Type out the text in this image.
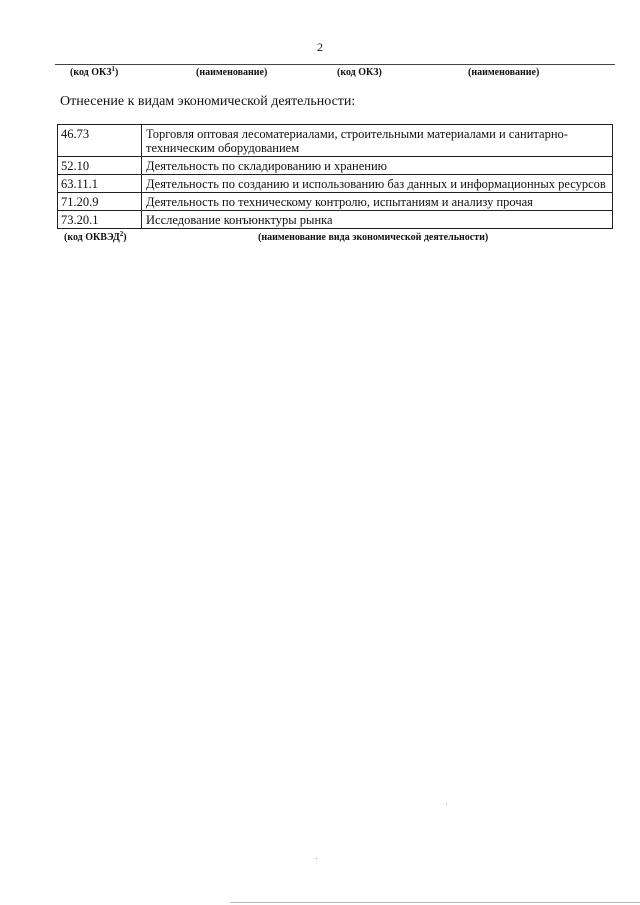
2
(код ОКЗ$^1$)	(наименование)	(код ОКЗ)	(наименование)
Отнесение к видам экономической деятельности:
46.73	Торговля оптовая лесоматериалами, строительными материалами и санитарно-техническим оборудованием
52.10	Деятельность по складированию и хранению
63.11.1	Деятельность по созданию и использованию баз данных и информационных ресурсов
71.20.9	Деятельность по техническому контролю, испытаниям и анализу прочая
73.20.1	Исследование конъюнктуры рынка
(код ОКВЭД$^2$)	(наименование вида экономической деятельности)
